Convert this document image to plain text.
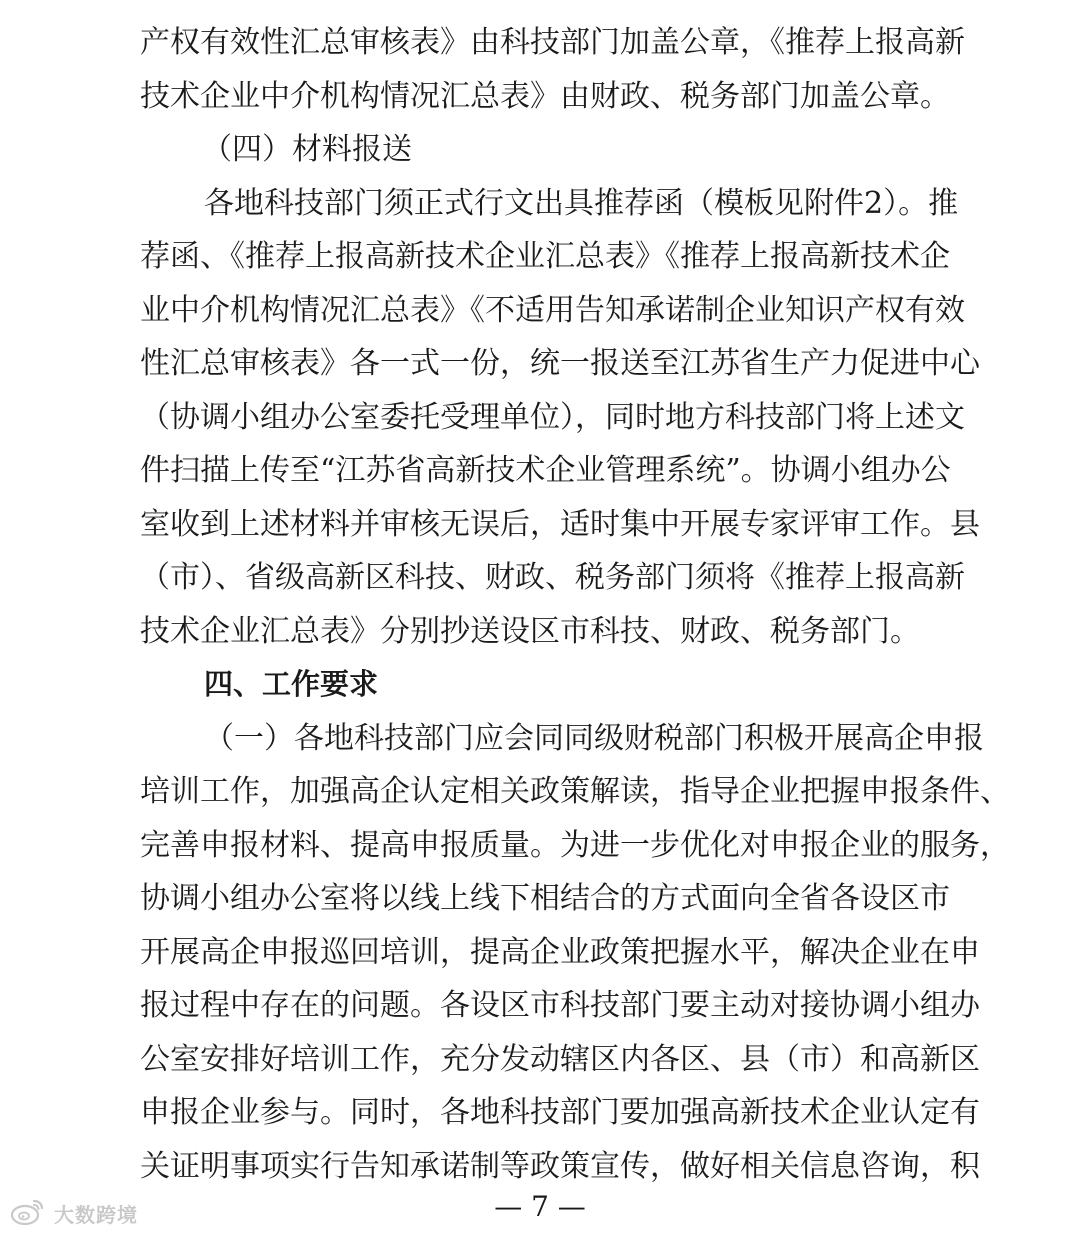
产权有效性汇总审核表》由科技部门加盖公章，《推荐上报高新
技术企业中介机构情况汇总表》由财政、税务部门加盖公章。
（四）材料报送
各地科技部门须正式行文出具推荐函（模板见附件2）。推
荐函、《推荐上报高新技术企业汇总表》《推荐上报高新技术企
业中介机构情况汇总表》《不适用告知承诺制企业知识产权有效
性汇总审核表》各一式一份，统一报送至江苏省生产力促进中心
（协调小组办公室委托受理单位），同时地方科技部门将上述文
件扫描上传至“江苏省高新技术企业管理系统”。协调小组办公
室收到上述材料并审核无误后，适时集中开展专家评审工作。县
（市）、省级高新区科技、财政、税务部门须将《推荐上报高新
技术企业汇总表》分别抄送设区市科技、财政、税务部门。
四、工作要求
（一）各地科技部门应会同同级财税部门积极开展高企申报
培训工作，加强高企认定相关政策解读，指导企业把握申报条件、
完善申报材料、提高申报质量。为进一步优化对申报企业的服务，
协调小组办公室将以线上线下相结合的方式面向全省各设区市
开展高企申报巡回培训，提高企业政策把握水平，解决企业在申
报过程中存在的问题。各设区市科技部门要主动对接协调小组办
公室安排好培训工作，充分发动辖区内各区、县（市）和高新区
申报企业参与。同时，各地科技部门要加强高新技术企业认定有
关证明事项实行告知承诺制等政策宣传，做好相关信息咨询，积
— 7 —
大数跨境
